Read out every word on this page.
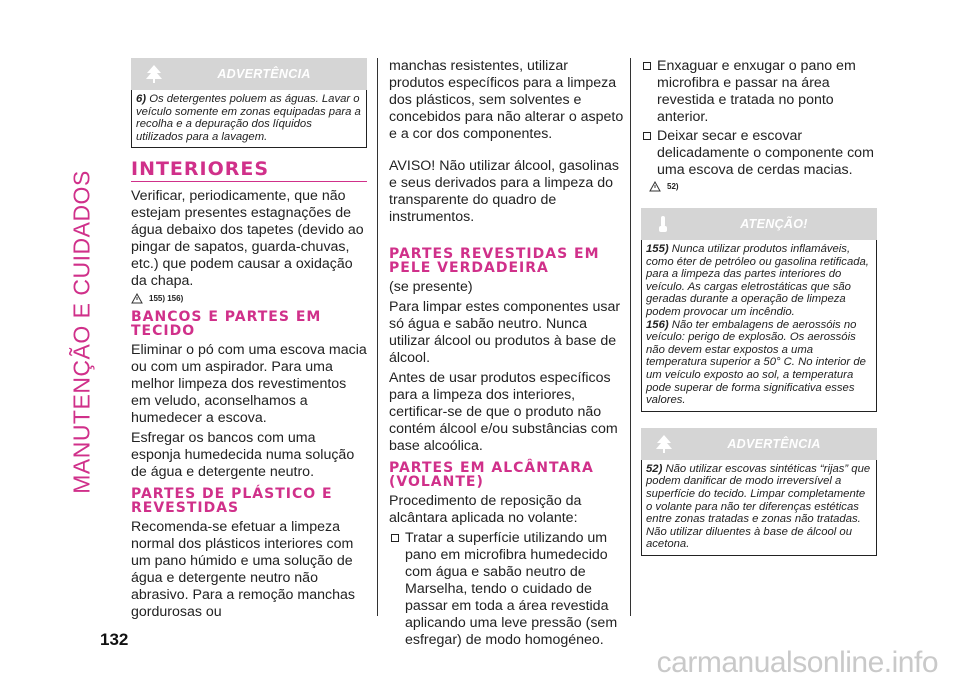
MANUTENÇÃO E CUIDADOS
ADVERTÊNCIA
6) Os detergentes poluem as águas. Lavar o veículo somente em zonas equipadas para a recolha e a depuração dos líquidos utilizados para a lavagem.
INTERIORES

Verificar, periodicamente, que não estejam presentes estagnações de água debaixo dos tapetes (devido ao pingar de sapatos, guarda-chuvas, etc.) que podem causar a oxidação da chapa.

155) 156)
BANCOS E PARTES EM TECIDO

Eliminar o pó com uma escova macia ou com um aspirador. Para uma melhor limpeza dos revestimentos em veludo, aconselhamos a humedecer a escova.

Esfregar os bancos com uma esponja humedecida numa solução de água e detergente neutro.

PARTES DE PLÁSTICO E REVESTIDAS

Recomenda-se efetuar a limpeza normal dos plásticos interiores com um pano húmido e uma solução de água e detergente neutro não abrasivo. Para a remoção manchas gordurosas ou

manchas resistentes, utilizar produtos específicos para a limpeza dos plásticos, sem solventes e concebidos para não alterar o aspeto e a cor dos componentes.

AVISO! Não utilizar álcool, gasolinas e seus derivados para a limpeza do transparente do quadro de instrumentos.

PARTES REVESTIDAS EM PELE VERDADEIRA

(se presente)

Para limpar estes componentes usar só água e sabão neutro. Nunca utilizar álcool ou produtos à base de álcool.

Antes de usar produtos específicos para a limpeza dos interiores, certificar-se de que o produto não contém álcool e/ou substâncias com base alcoólica.

PARTES EM ALCÂNTARA (VOLANTE)

Procedimento de reposição da alcântara aplicada no volante:

Tratar a superfície utilizando um pano em microfibra humedecido com água e sabão neutro de Marselha, tendo o cuidado de passar em toda a área revestida aplicando uma leve pressão (sem esfregar) de modo homogéneo.
Enxaguar e enxugar o pano em microfibra e passar na área revestida e tratada no ponto anterior.
Deixar secar e escovar delicadamente o componente com uma escova de cerdas macias.
52)
ATENÇÃO!
155) Nunca utilizar produtos inflamáveis, como éter de petróleo ou gasolina retificada, para a limpeza das partes interiores do veículo. As cargas eletrostáticas que são geradas durante a operação de limpeza podem provocar um incêndio.
156) Não ter embalagens de aerossóis no veículo: perigo de explosão. Os aerossóis não devem estar expostos a uma temperatura superior a 50° C. No interior de um veículo exposto ao sol, a temperatura pode superar de forma significativa esses valores.
ADVERTÊNCIA
52) Não utilizar escovas sintéticas “rijas” que podem danificar de modo irreversível a superfície do tecido. Limpar completamente o volante para não ter diferenças estéticas entre zonas tratadas e zonas não tratadas. Não utilizar diluentes à base de álcool ou acetona.
132
carmanualsonline.info
